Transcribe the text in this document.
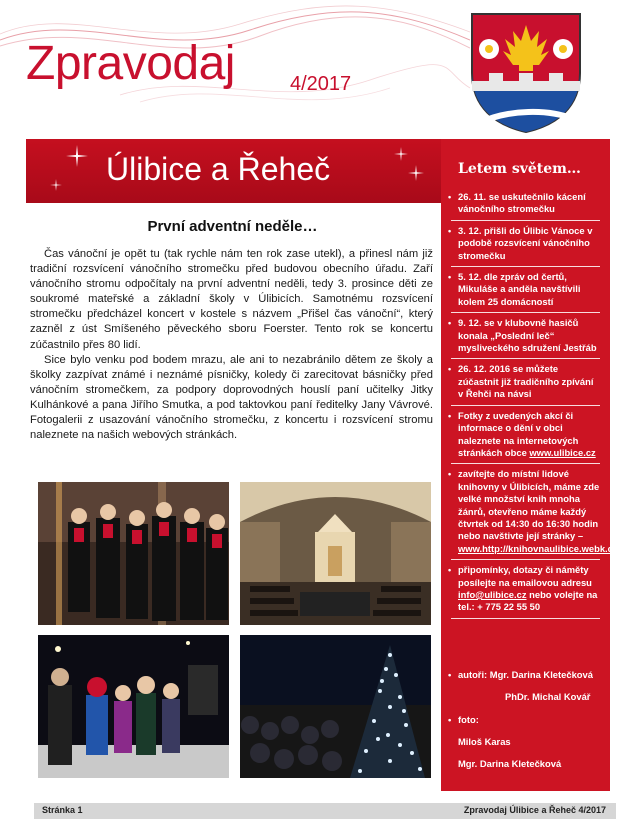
Zpravodaj	4/2017
Úlibice a Řeheč	Letem světem…
• 26. 11. se uskutečnilo kácení vánočního stromečku
• 3. 12. přišli do Úlibic Vánoce v podobě rozsvícení vánočního stromečku
• 5. 12. dle zpráv od čertů, Mikuláše a anděla navštívili kolem 25 domácností
• 9. 12. se v klubovně hasičů konala „Poslední leč“ mysliveckého sdružení Jestřáb
• 26. 12. 2016 se můžete zúčastnit již tradičního zpívání v Řehči na návsi
• Fotky z uvedených akcí či informace o dění v obci naleznete na internetových stránkách obce www.ulibice.cz
• zavítejte do místní lidové knihovny v Úlibicích, máme zde velké množství knih mnoha žánrů, otevřeno máme každý čtvrtek od 14:30 do 16:30 hodin nebo navštivte její stránky – www.http://knihovnaulibice.webk.cz/
• připomínky, dotazy či náměty posílejte na emailovou adresu info@ulibice.cz nebo volejte na tel.: + 775 22 55 50
• autoři: Mgr. Darina Kletečková
PhDr. Michal Kovář
• foto:
Miloš Karas
Mgr. Darina Kletečková
První adventní neděle…

Čas vánoční je opět tu (tak rychle nám ten rok zase utekl), a přinesl nám již tradiční rozsvícení vánočního stromečku před budovou obecního úřadu. Zaří vánočního stromu odpočítaly na první adventní neděli, tedy 3. prosince děti ze soukromé mateřské a základní školy v Úlibicích. Samotnému rozsvícení stromečku předcházel koncert v kostele s názvem „Přišel čas vánoční“, který zazněl z úst Smíšeného pěveckého sboru Foerster. Tento rok se koncertu zúčastnilo přes 80 lidí.

Sice bylo venku pod bodem mrazu, ale ani to nezabránilo dětem ze školy a školky zazpívat známé i neznámé písničky, koledy či zarecitovat básničky před vánočním stromečkem, za podpory doprovodných houslí paní učitelky Jitky Kulhánkové a pana Jiřího Smutka, a pod taktovkou paní ředitelky Jany Vávrové. Fotogalerii z usazování vánočního stromečku, z koncertu i rozsvícení stromu naleznete na našich webových stránkách.

Stránka 1	Zpravodaj Úlibice a Řeheč 4/2017
